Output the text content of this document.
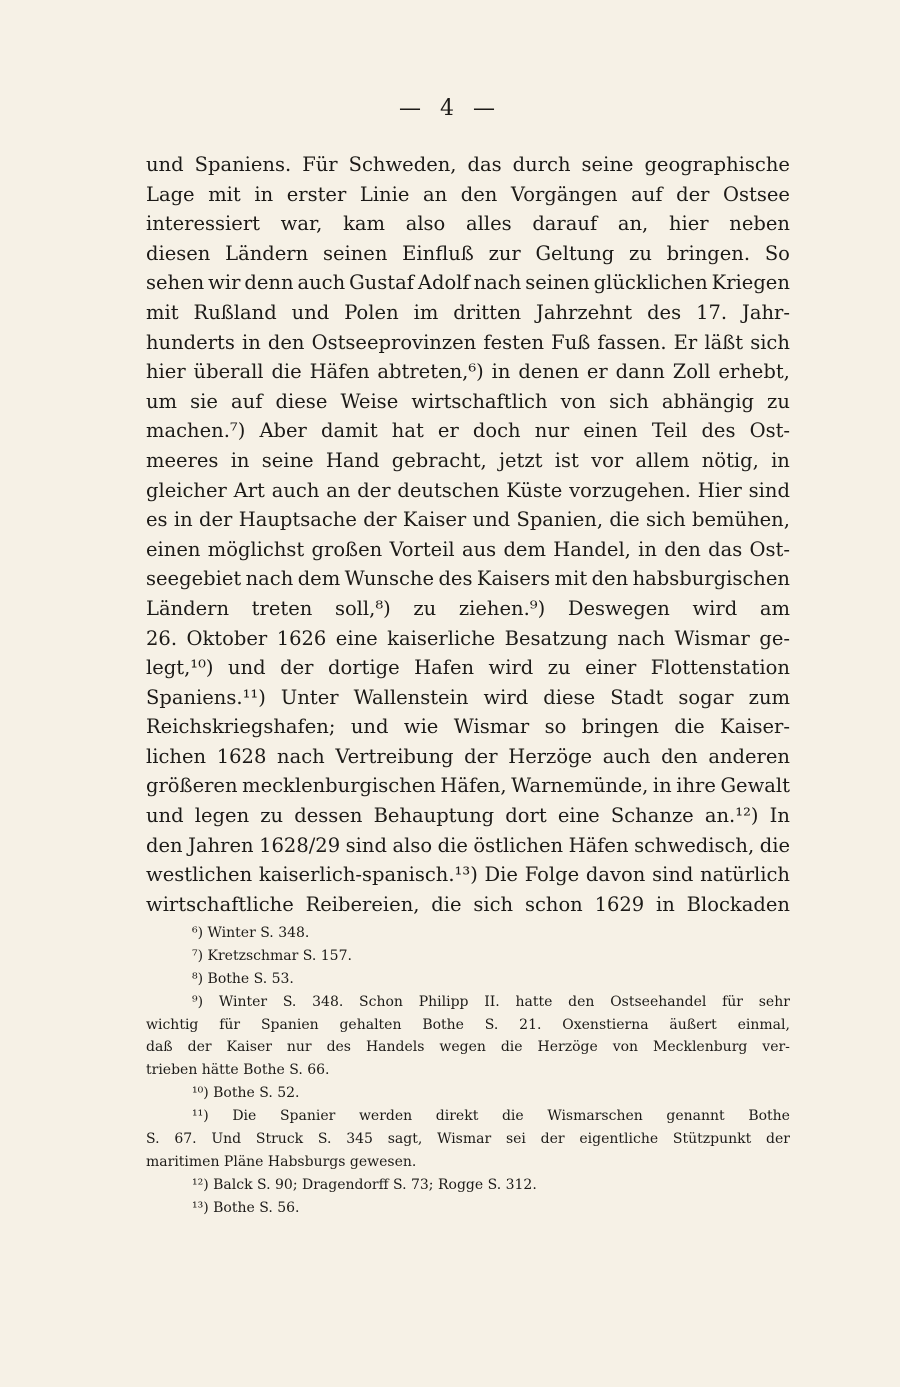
— 4 —
und Spaniens. Für Schweden, das durch seine geographische
Lage mit in erster Linie an den Vorgängen auf der Ostsee
interessiert war, kam also alles darauf an, hier neben
diesen Ländern seinen Einfluß zur Geltung zu bringen. So
sehen wir denn auch Gustaf Adolf nach seinen glücklichen Kriegen
mit Rußland und Polen im dritten Jahrzehnt des 17. Jahr-
hunderts in den Ostseeprovinzen festen Fuß fassen. Er läßt sich
hier überall die Häfen abtreten,⁶) in denen er dann Zoll erhebt,
um sie auf diese Weise wirtschaftlich von sich abhängig zu
machen.⁷) Aber damit hat er doch nur einen Teil des Ost-
meeres in seine Hand gebracht, jetzt ist vor allem nötig, in
gleicher Art auch an der deutschen Küste vorzugehen. Hier sind
es in der Hauptsache der Kaiser und Spanien, die sich bemühen,
einen möglichst großen Vorteil aus dem Handel, in den das Ost-
seegebiet nach dem Wunsche des Kaisers mit den habsburgischen
Ländern treten soll,⁸) zu ziehen.⁹) Deswegen wird am
26. Oktober 1626 eine kaiserliche Besatzung nach Wismar ge-
legt,¹⁰) und der dortige Hafen wird zu einer Flottenstation
Spaniens.¹¹) Unter Wallenstein wird diese Stadt sogar zum
Reichskriegshafen; und wie Wismar so bringen die Kaiser-
lichen 1628 nach Vertreibung der Herzöge auch den anderen
größeren mecklenburgischen Häfen, Warnemünde, in ihre Gewalt
und legen zu dessen Behauptung dort eine Schanze an.¹²) In
den Jahren 1628/29 sind also die östlichen Häfen schwedisch, die
westlichen kaiserlich-spanisch.¹³) Die Folge davon sind natürlich
wirtschaftliche Reibereien, die sich schon 1629 in Blockaden
⁶) Winter S. 348.
⁷) Kretzschmar S. 157.
⁸) Bothe S. 53.
⁹) Winter S. 348. Schon Philipp II. hatte den Ostseehandel für sehr
wichtig für Spanien gehalten Bothe S. 21. Oxenstierna äußert einmal,
daß der Kaiser nur des Handels wegen die Herzöge von Mecklenburg ver-
trieben hätte Bothe S. 66.
¹⁰) Bothe S. 52.
¹¹) Die Spanier werden direkt die Wismarschen genannt Bothe
S. 67. Und Struck S. 345 sagt, Wismar sei der eigentliche Stützpunkt der
maritimen Pläne Habsburgs gewesen.
¹²) Balck S. 90; Dragendorff S. 73; Rogge S. 312.
¹³) Bothe S. 56.
